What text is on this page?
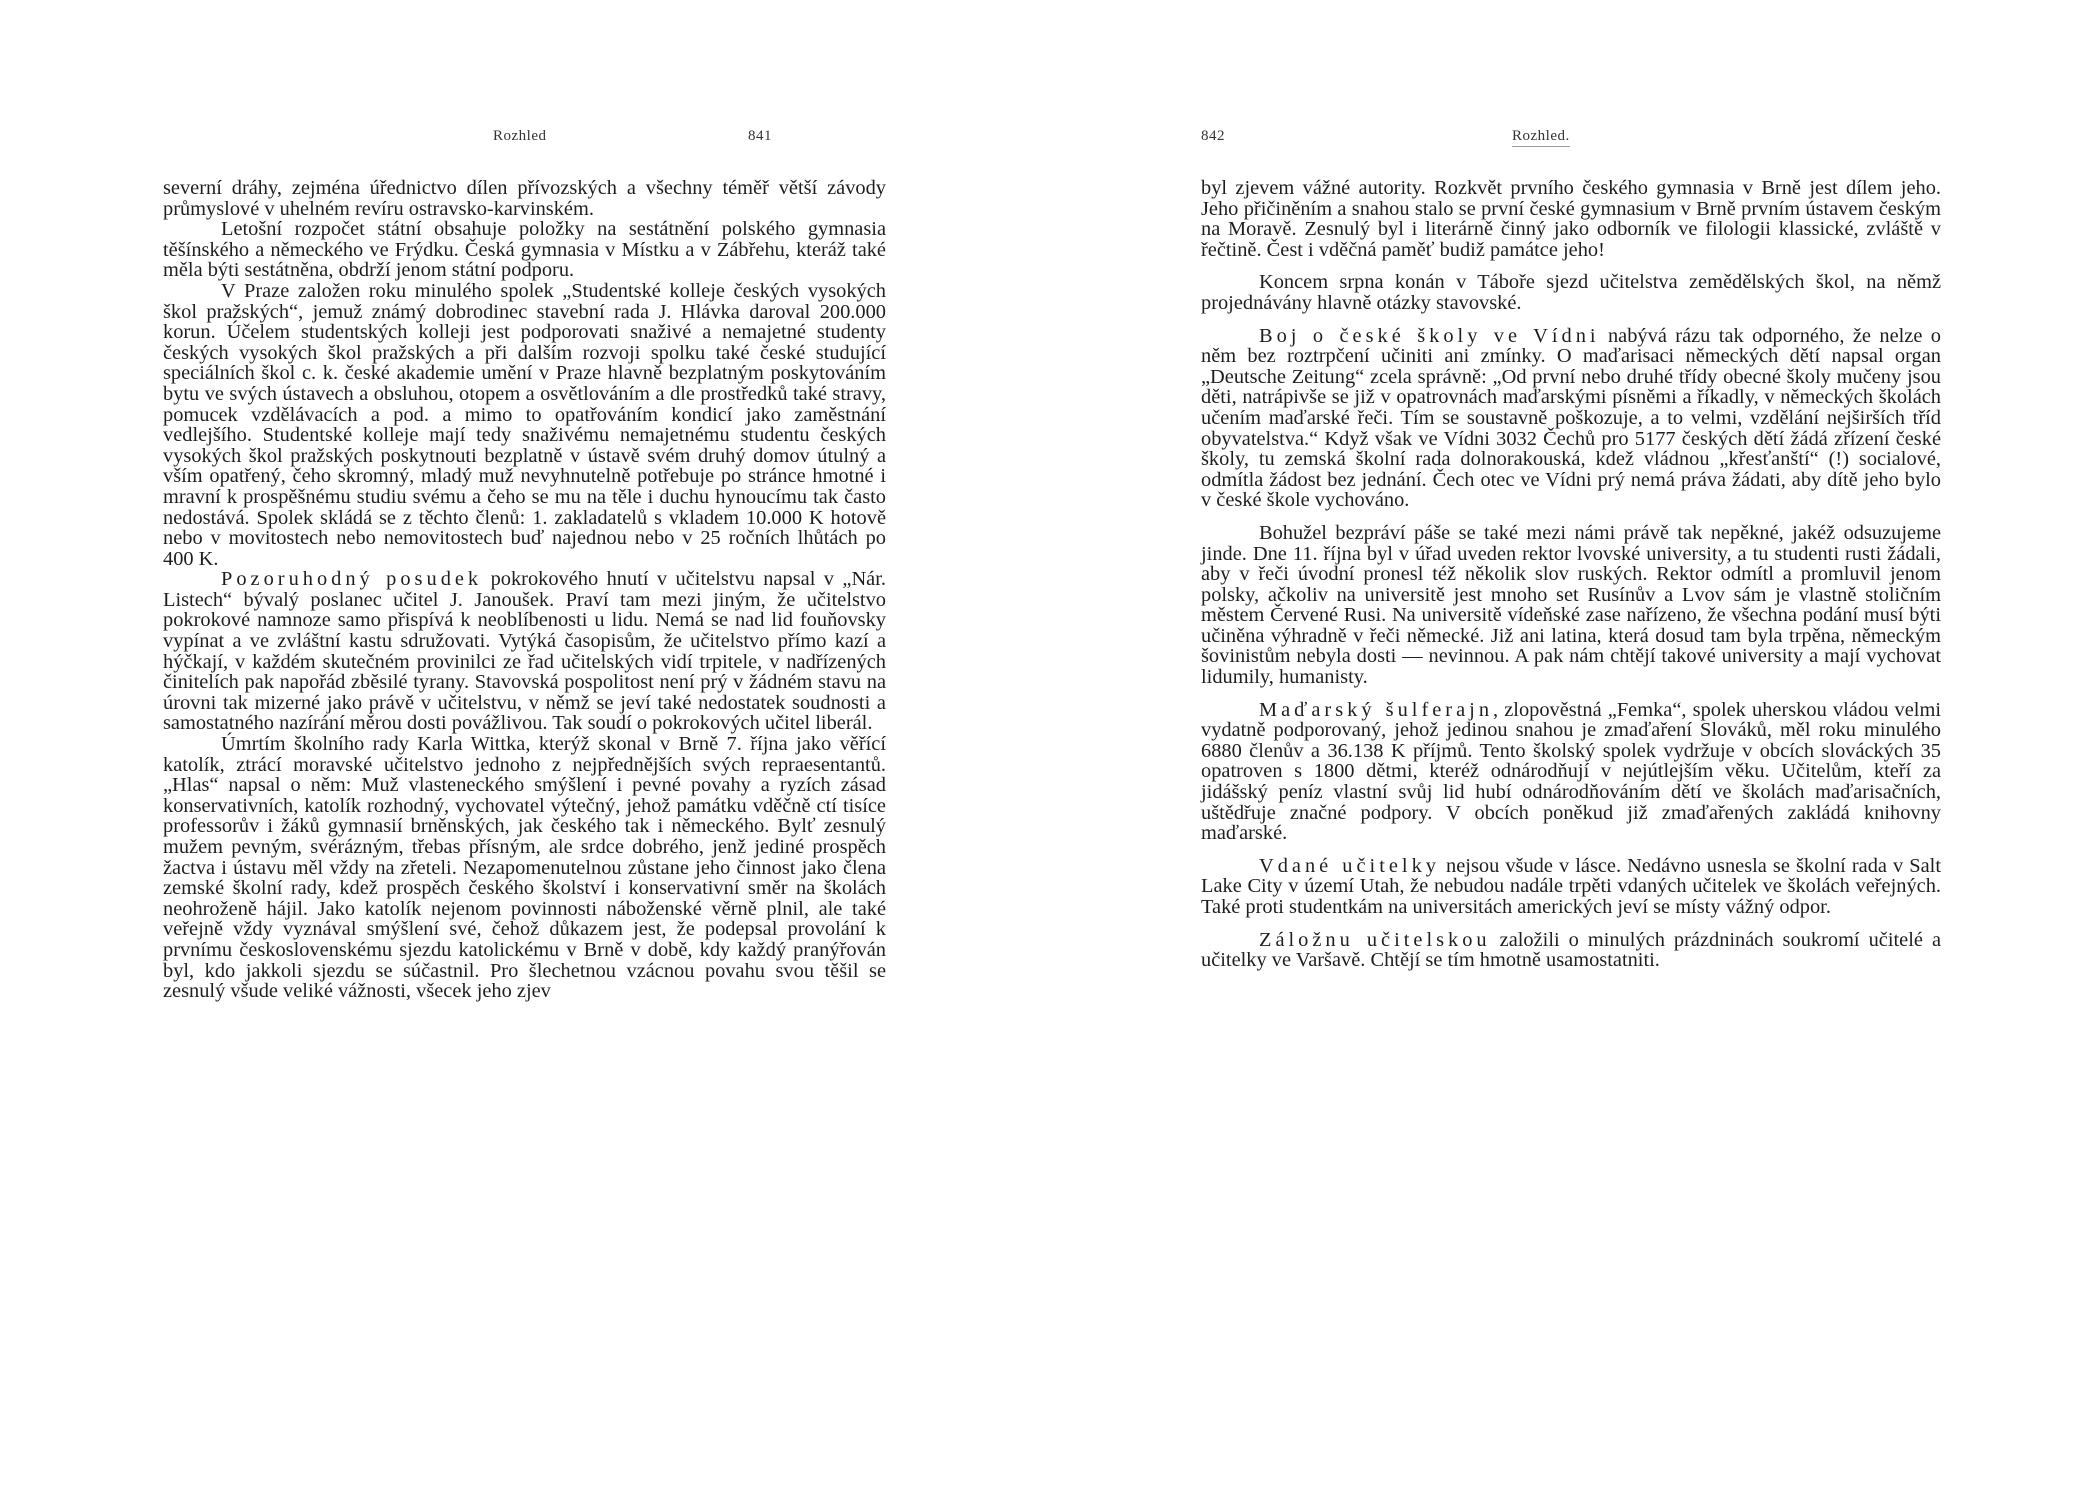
Rozhled	841

severní dráhy, zejména úřednictvo dílen přívozských a všechny téměř větší závody průmyslové v uhelném revíru ostravsko-karvinském.

Letošní rozpočet státní obsahuje položky na sestátnění polského gymnasia těšínského a německého ve Frýdku. Česká gymnasia v Místku a v Zábřehu, kteráž také měla býti sestátněna, obdrží jenom státní podporu.

V Praze založen roku minulého spolek „Studentské kolleje českých vysokých škol pražských“, jemuž známý dobrodinec stavební rada J. Hlávka daroval 200.000 korun. Účelem studentských kolleji jest podporovati snaživé a nemajetné studenty českých vysokých škol pražských a při dalším rozvoji spolku také české studující speciálních škol c. k. české akademie umění v Praze hlavně bezplatným poskytováním bytu ve svých ústavech a obsluhou, otopem a osvětlováním a dle prostředků také stravy, pomucek vzdělávacích a pod. a mimo to opatřováním kondicí jako zaměstnání vedlejšího. Studentské kolleje mají tedy snaživému nemajetnému studentu českých vysokých škol pražských poskytnouti bezplatně v ústavě svém druhý domov útulný a vším opatřený, čeho skromný, mladý muž nevyhnutelně potřebuje po stránce hmotné i mravní k prospěšnému studiu svému a čeho se mu na těle i duchu hynoucímu tak často nedostává. Spolek skládá se z těchto členů: 1. zakladatelů s vkladem 10.000 K hotově nebo v movitostech nebo nemovitostech buď najednou nebo v 25 ročních lhůtách po 400 K.

Pozoruhodný posudek pokrokového hnutí v učitelstvu napsal v „Nár. Listech“ bývalý poslanec učitel J. Janoušek. Praví tam mezi jiným, že učitelstvo pokrokové namnoze samo přispívá k neoblíbenosti u lidu. Nemá se nad lid fouňovsky vypínat a ve zvláštní kastu sdružovati. Vytýká časopisům, že učitelstvo přímo kazí a hýčkají, v každém skutečném provinilci ze řad učitelských vidí trpitele, v nadřízených činitelích pak napořád zběsilé tyrany. Stavovská pospolitost není prý v žádném stavu na úrovni tak mizerné jako právě v učitelstvu, v němž se jeví také nedostatek soudnosti a samostatného nazírání měrou dosti povážlivou. Tak soudí o pokrokových učitel liberál.

Úmrtím školního rady Karla Wittka, kterýž skonal v Brně 7. října jako věřící katolík, ztrácí moravské učitelstvo jednoho z nejpřednějších svých repraesentantů. „Hlas“ napsal o něm: Muž vlasteneckého smýšlení i pevné povahy a ryzích zásad konservativních, katolík rozhodný, vychovatel výtečný, jehož památku vděčně ctí tisíce professorův i žáků gymnasií brněnských, jak českého tak i německého. Bylť zesnulý mužem pevným, svérázným, třebas přísným, ale srdce dobrého, jenž jediné prospěch žactva i ústavu měl vždy na zřeteli. Nezapomenutelnou zůstane jeho činnost jako člena zemské školní rady, kdež prospěch českého školství i konservativní směr na školách neohroženě hájil. Jako katolík nejenom povinnosti náboženské věrně plnil, ale také veřejně vždy vyznával smýšlení své, čehož důkazem jest, že podepsal provolání k prvnímu československému sjezdu katolickému v Brně v době, kdy každý pranýřován byl, kdo jakkoli sjezdu se súčastnil. Pro šlechetnou vzácnou povahu svou těšil se zesnulý všude veliké vážnosti, všecek jeho zjev

842	Rozhled.

byl zjevem vážné autority. Rozkvět prvního českého gymnasia v Brně jest dílem jeho. Jeho přičiněním a snahou stalo se první české gymnasium v Brně prvním ústavem českým na Moravě. Zesnulý byl i literárně činný jako odborník ve filologii klassické, zvláště v řečtině. Čest i vděčná paměť budiž památce jeho!

Koncem srpna konán v Táboře sjezd učitelstva zemědělských škol, na němž projednávány hlavně otázky stavovské.

Boj o české školy ve Vídni nabývá rázu tak odporného, že nelze o něm bez roztrpčení učiniti ani zmínky. O maďarisaci německých dětí napsal organ „Deutsche Zeitung“ zcela správně: „Od první nebo druhé třídy obecné školy mučeny jsou děti, natrápivše se již v opatrovnách maďarskými písněmi a říkadly, v německých školách učením maďarské řeči. Tím se soustavně poškozuje, a to velmi, vzdělání nejširších tříd obyvatelstva.“ Když však ve Vídni 3032 Čechů pro 5177 českých dětí žádá zřízení české školy, tu zemská školní rada dolnorakouská, kdež vládnou „křesťanští“ (!) socialové, odmítla žádost bez jednání. Čech otec ve Vídni prý nemá práva žádati, aby dítě jeho bylo v české škole vychováno.

Bohužel bezpráví páše se také mezi námi právě tak nepěkné, jakéž odsuzujeme jinde. Dne 11. října byl v úřad uveden rektor lvovské university, a tu studenti rusti žádali, aby v řeči úvodní pronesl též několik slov ruských. Rektor odmítl a promluvil jenom polsky, ačkoliv na universitě jest mnoho set Rusínův a Lvov sám je vlastně stoličním městem Červené Rusi. Na universitě vídeňské zase nařízeno, že všechna podání musí býti učiněna výhradně v řeči německé. Již ani latina, která dosud tam byla trpěna, německým šovinistům nebyla dosti — nevinnou. A pak nám chtějí takové university a mají vychovat lidumily, humanisty.

Maďarský šulferajn, zlopověstná „Femka“, spolek uherskou vládou velmi vydatně podporovaný, jehož jedinou snahou je zmaďaření Slováků, měl roku minulého 6880 členův a 36.138 K příjmů. Tento školský spolek vydržuje v obcích slováckých 35 opatroven s 1800 dětmi, kteréž odnárodňují v nejútlejším věku. Učitelům, kteří za jidášský peníz vlastní svůj lid hubí odnárodňováním dětí ve školách maďarisačních, uštědřuje značné podpory. V obcích poněkud již zmaďařených zakládá knihovny maďarské.

Vdané učitelky nejsou všude v lásce. Nedávno usnesla se školní rada v Salt Lake City v území Utah, že nebudou nadále trpěti vdaných učitelek ve školách veřejných. Také proti studentkám na universitách amerických jeví se místy vážný odpor.

Záložnu učitelskou založili o minulých prázdninách soukromí učitelé a učitelky ve Varšavě. Chtějí se tím hmotně usamostatniti.
